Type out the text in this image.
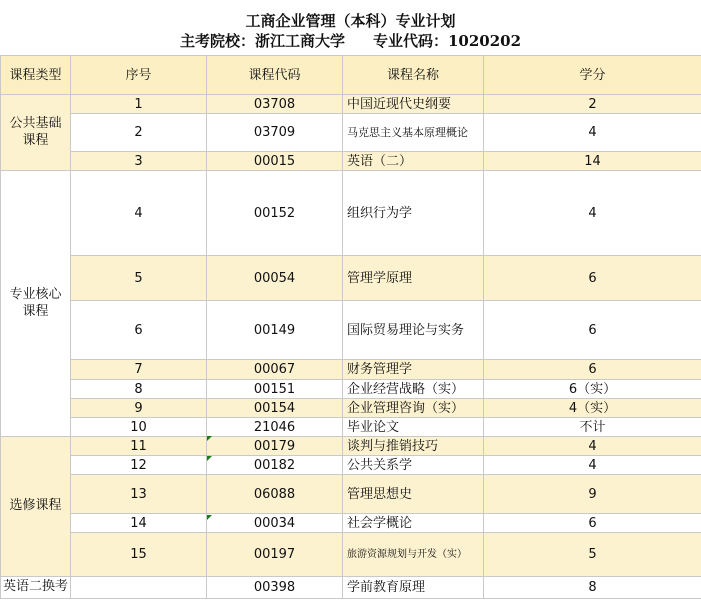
工商企业管理（本科）专业计划
主考院校：浙江工商大学 专业代码：1020202
课程类型	序号	课程代码	课程名称	学分
公共基础课程	1	03708	中国近现代史纲要	2
	2	03709	马克思主义基本原理概论	4
	3	00015	英语（二）	14
专业核心课程	4	00152	组织行为学	4
	5	00054	管理学原理	6
	6	00149	国际贸易理论与实务	6
	7	00067	财务管理学	6
	8	00151	企业经营战略（实）	6（实）
	9	00154	企业管理咨询（实）	4（实）
	10	21046	毕业论文	不计
选修课程	11	00179	谈判与推销技巧	4
	12	00182	公共关系学	4
	13	06088	管理思想史	9
	14	00034	社会学概论	6
	15	00197	旅游资源规划与开发（实）	5
英语二换考		00398	学前教育原理	8
